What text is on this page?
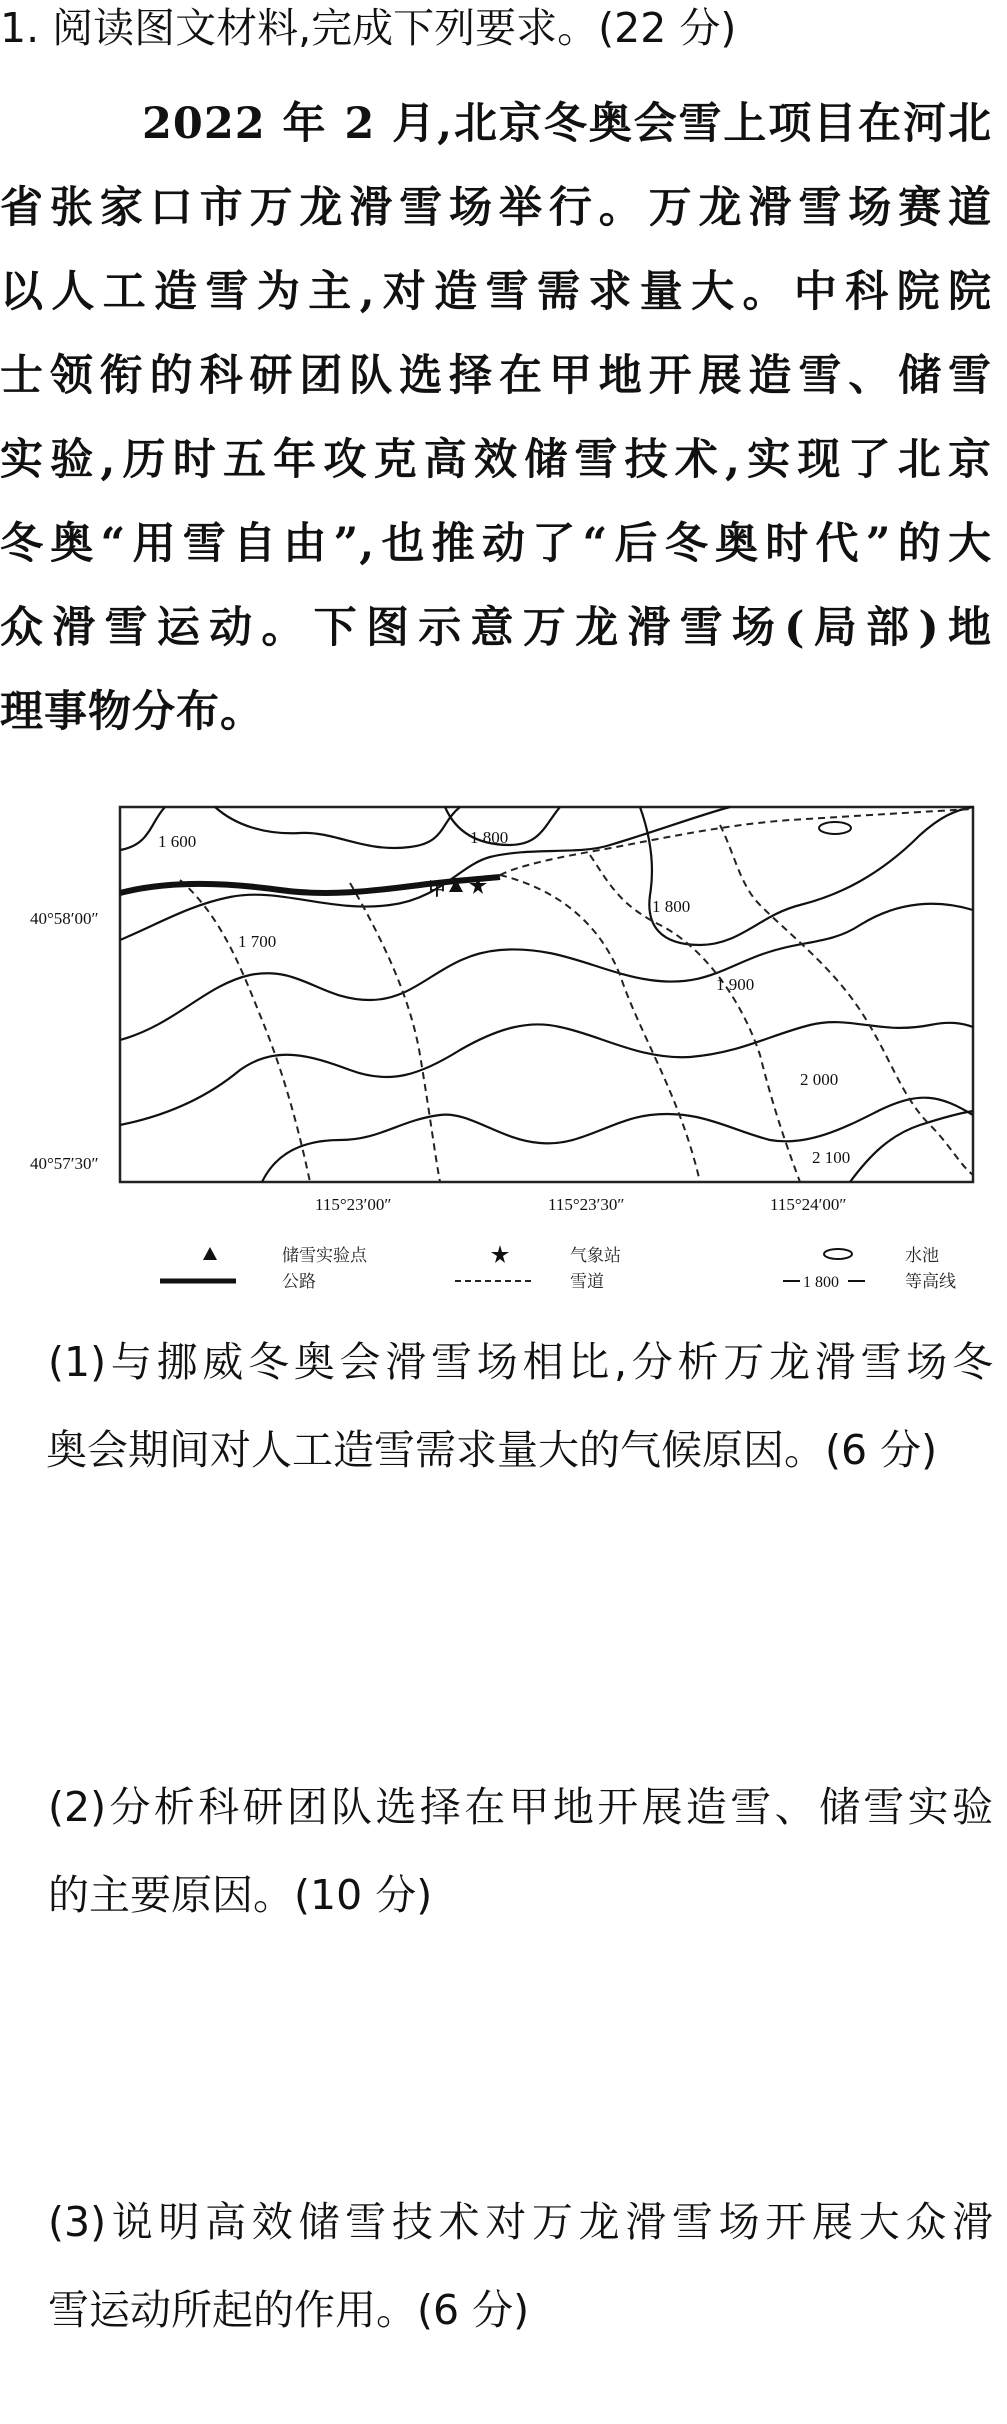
1. 阅读图文材料,完成下列要求。(22 分)
2022 年 2 月,北京冬奥会雪上项目在河北
省张家口市万龙滑雪场举行。万龙滑雪场赛道
以人工造雪为主,对造雪需求量大。中科院院
士领衔的科研团队选择在甲地开展造雪、储雪
实验,历时五年攻克高效储雪技术,实现了北京
冬奥“用雪自由”,也推动了“后冬奥时代”的大
众滑雪运动。下图示意万龙滑雪场(局部)地
理事物分布。
甲
1 600
1 700
1 800
1 800
1 900
2 000
2 100
40°58′00″
40°57′30″
115°23′00″	115°23′30″	115°24′00″
储雪实验点	气象站	水池
公路	雪道	1 800	等高线
(1)与挪威冬奥会滑雪场相比,分析万龙滑雪场冬
奥会期间对人工造雪需求量大的气候原因。(6 分)
(2)分析科研团队选择在甲地开展造雪、储雪实验
的主要原因。(10 分)
(3)说明高效储雪技术对万龙滑雪场开展大众滑
雪运动所起的作用。(6 分)
